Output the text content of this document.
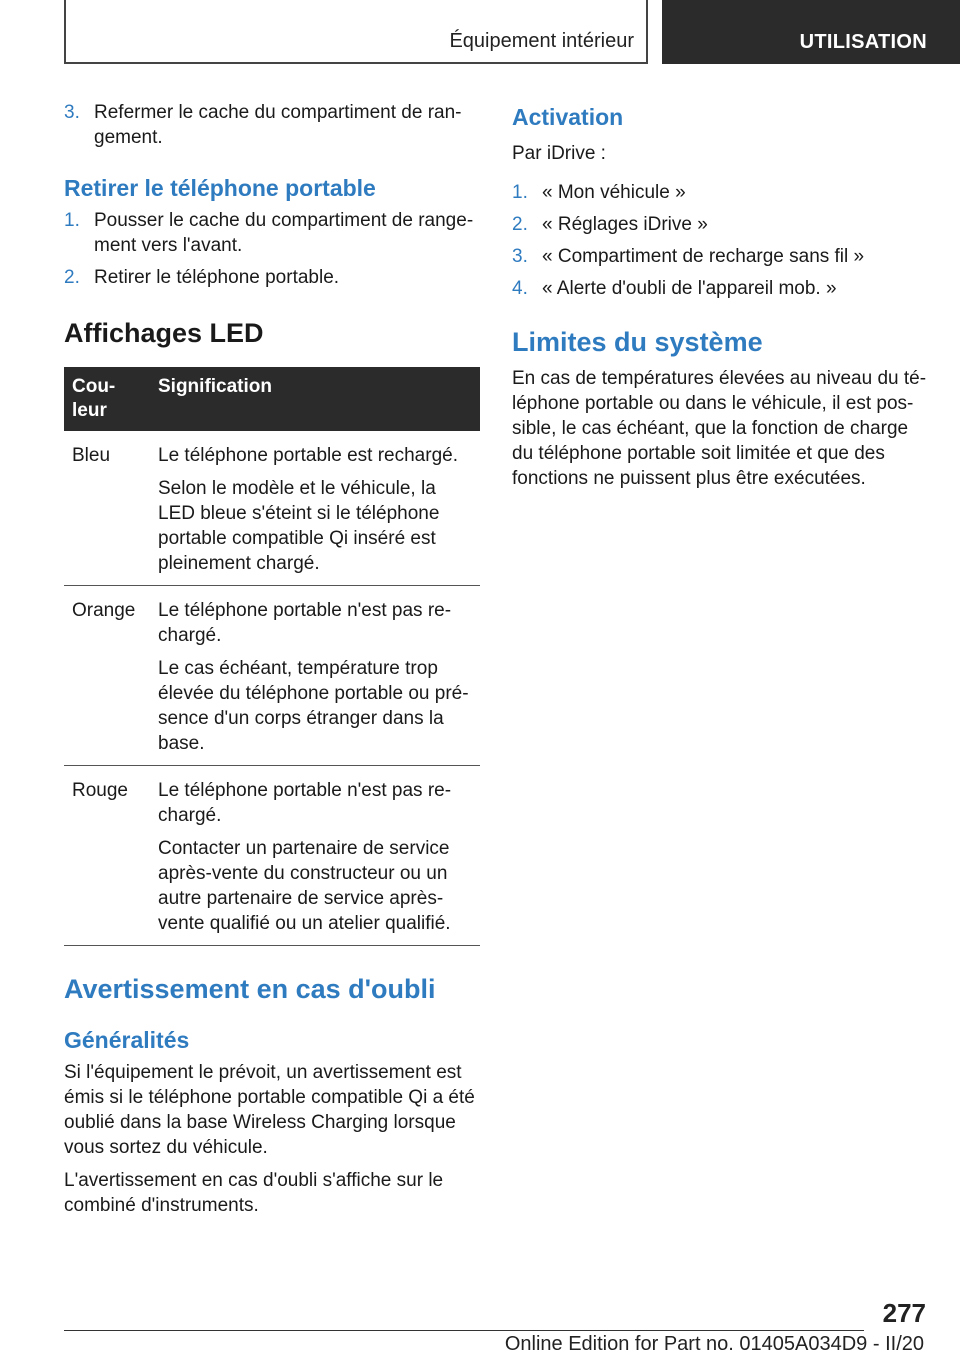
Équipement intérieur	UTILISATION
3. Refermer le cache du compartiment de ran-gement.
Retirer le téléphone portable
1. Pousser le cache du compartiment de range-ment vers l'avant.
2. Retirer le téléphone portable.
Affichages LED
Cou-leur	Signification
Bleu	Le téléphone portable est rechargé.

Selon le modèle et le véhicule, la LED bleue s'éteint si le téléphone portable compatible Qi inséré est pleinement chargé.

Orange	Le téléphone portable n'est pas re-chargé.

Le cas échéant, température trop élevée du téléphone portable ou pré-sence d'un corps étranger dans la base.

Rouge	Le téléphone portable n'est pas re-chargé.

Contacter un partenaire de service après-vente du constructeur ou un autre partenaire de service après-vente qualifié ou un atelier qualifié.

Avertissement en cas d'oubli
Généralités

Si l'équipement le prévoit, un avertissement est émis si le téléphone portable compatible Qi a été oublié dans la base Wireless Charging lorsque vous sortez du véhicule.

L'avertissement en cas d'oubli s'affiche sur le combiné d'instruments.

Activation

Par iDrive :

1. « Mon véhicule »
2. « Réglages iDrive »
3. « Compartiment de recharge sans fil »
4. « Alerte d'oubli de l'appareil mob. »
Limites du système

En cas de températures élevées au niveau du té-léphone portable ou dans le véhicule, il est pos-sible, le cas échéant, que la fonction de charge du téléphone portable soit limitée et que des fonctions ne puissent plus être exécutées.

277
Online Edition for Part no. 01405A034D9 - II/20
